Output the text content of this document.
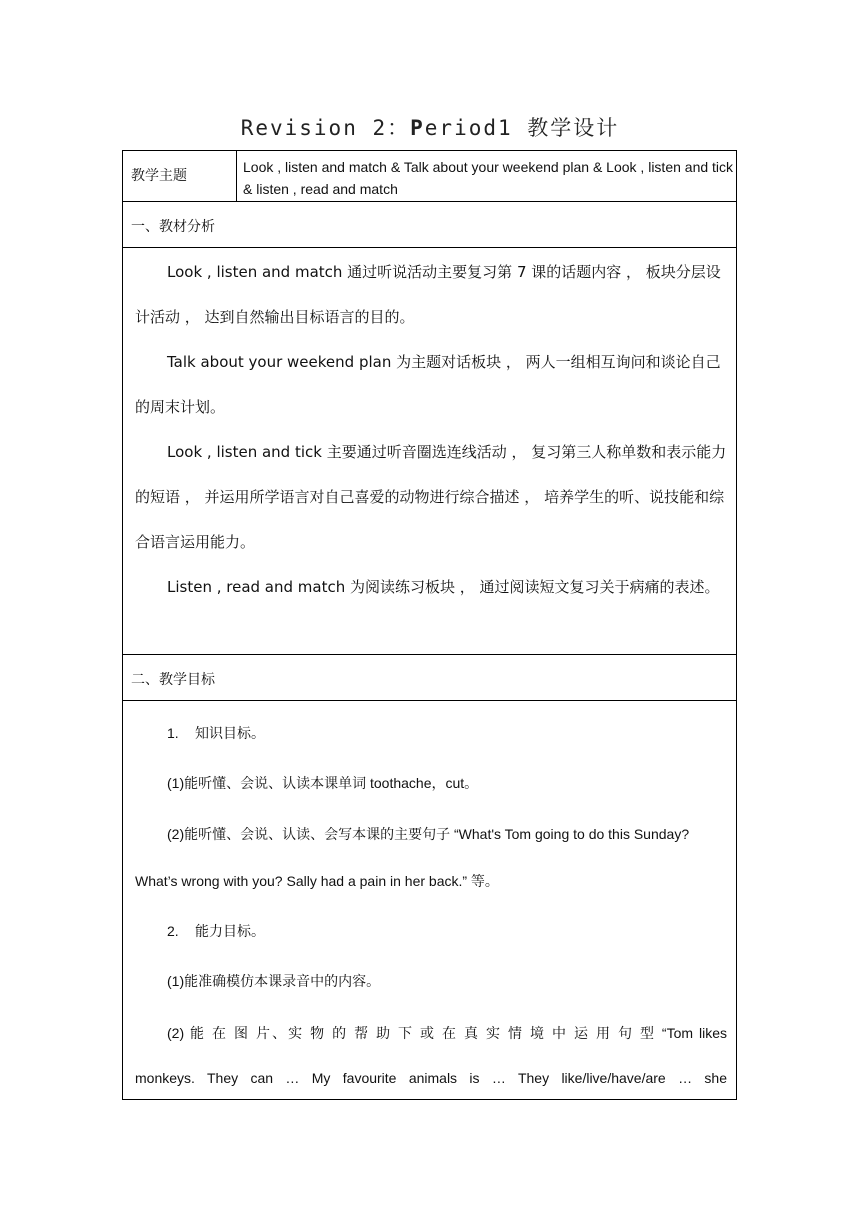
Revision 2：Period1 教学设计
教学主题
Look , listen and match & Talk about your weekend plan & Look , listen and tick & listen , read and match
一、教材分析
Look , listen and match 通过听说活动主要复习第 7 课的话题内容 ， 板块分层设计活动 ， 达到自然输出目标语言的目的。
Talk about your weekend plan 为主题对话板块 ， 两人一组相互询问和谈论自己的周末计划。
Look , listen and tick 主要通过听音圈选连线活动 ， 复习第三人称单数和表示能力的短语 ， 并运用所学语言对自己喜爱的动物进行综合描述 ， 培养学生的听、说技能和综合语言运用能力。
Listen , read and match 为阅读练习板块 ， 通过阅读短文复习关于病痛的表述。
二、教学目标
1. 知识目标。
(1)能听懂、会说、认读本课单词 toothache，cut。
(2)能听懂、会说、认读、会写本课的主要句子 “What's Tom going to do this Sunday? What’s wrong with you? Sally had a pain in her back.” 等。
2. 能力目标。
(1)能准确模仿本课录音中的内容。
(2) 能 在 图 片、实 物 的 帮 助 下 或 在 真 实 情 境 中 运 用 句 型 “Tom likes
monkeys. They can … My favourite animals is … They like/live/have/are … she
